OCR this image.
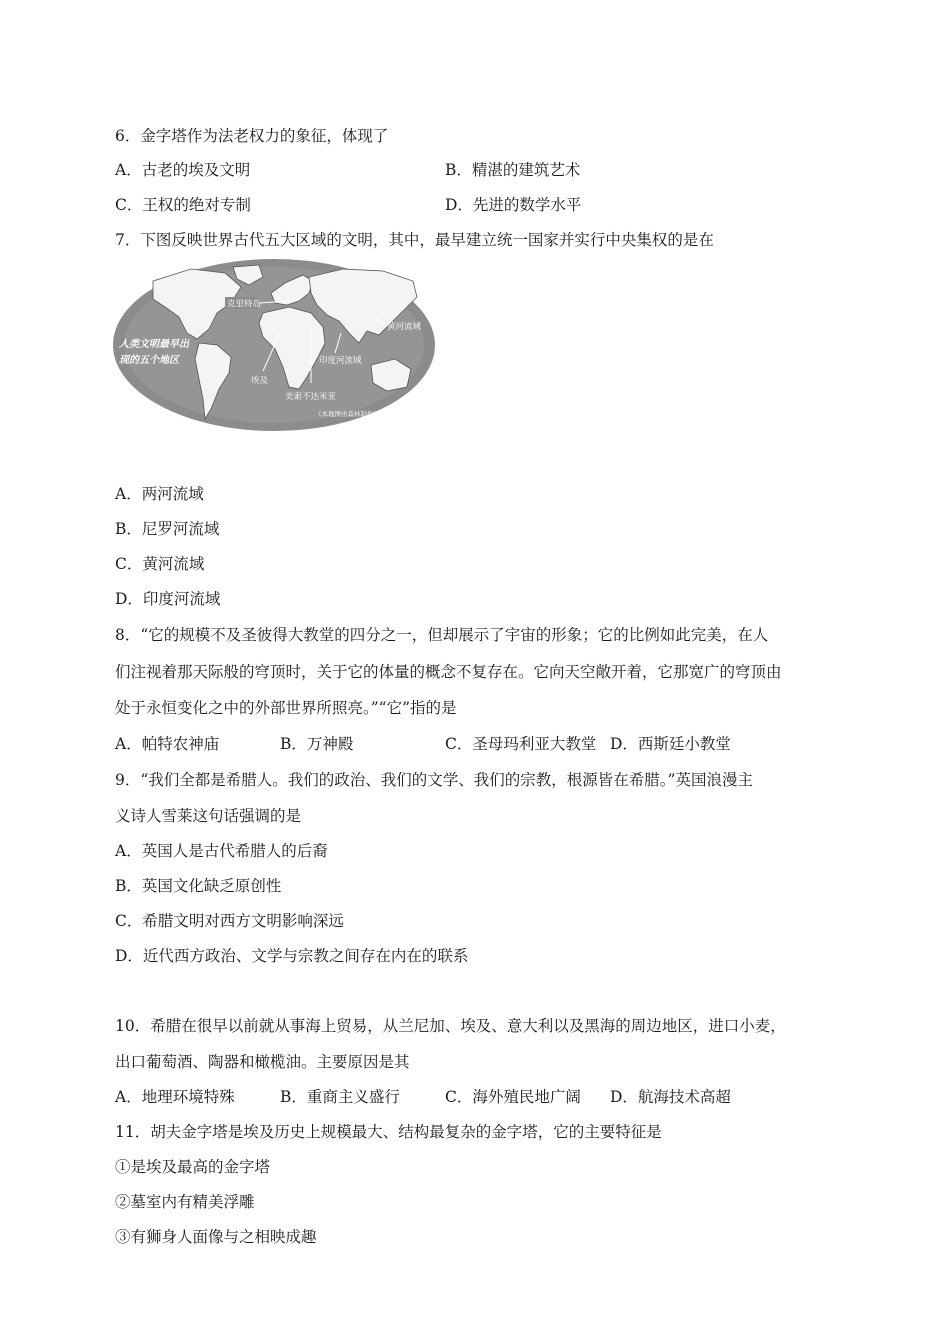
6．金字塔作为法老权力的象征，体现了
A．古老的埃及文明	B．精湛的建筑艺术
C．王权的绝对专制	D．先进的数学水平
7．下图反映世界古代五大区域的文明，其中，最早建立统一国家并实行中央集权的是在
克里特岛
黄河流域
印度河流域
埃及
美索不达米亚
《本地图由森林制作》
人类文明最早出
现的五个地区
A．两河流域
B．尼罗河流域
C．黄河流域
D．印度河流域
8．“它的规模不及圣彼得大教堂的四分之一，但却展示了宇宙的形象；它的比例如此完美，在人
们注视着那天际般的穹顶时，关于它的体量的概念不复存在。它向天空敞开着，它那宽广的穹顶由
处于永恒变化之中的外部世界所照亮。”“它”指的是
A．帕特农神庙	B．万神殿	C．圣母玛利亚大教堂 D．西斯廷小教堂
9．“我们全都是希腊人。我们的政治、我们的文学、我们的宗教，根源皆在希腊。”英国浪漫主
义诗人雪莱这句话强调的是
A．英国人是古代希腊人的后裔
B．英国文化缺乏原创性
C．希腊文明对西方文明影响深远
D．近代西方政治、文学与宗教之间存在内在的联系
10．希腊在很早以前就从事海上贸易，从兰尼加、埃及、意大利以及黑海的周边地区，进口小麦，
出口葡萄酒、陶器和橄榄油。主要原因是其
A．地理环境特殊	B．重商主义盛行	C．海外殖民地广阔 D．航海技术高超
11．胡夫金字塔是埃及历史上规模最大、结构最复杂的金字塔，它的主要特征是
①是埃及最高的金字塔
②墓室内有精美浮雕
③有狮身人面像与之相映成趣
